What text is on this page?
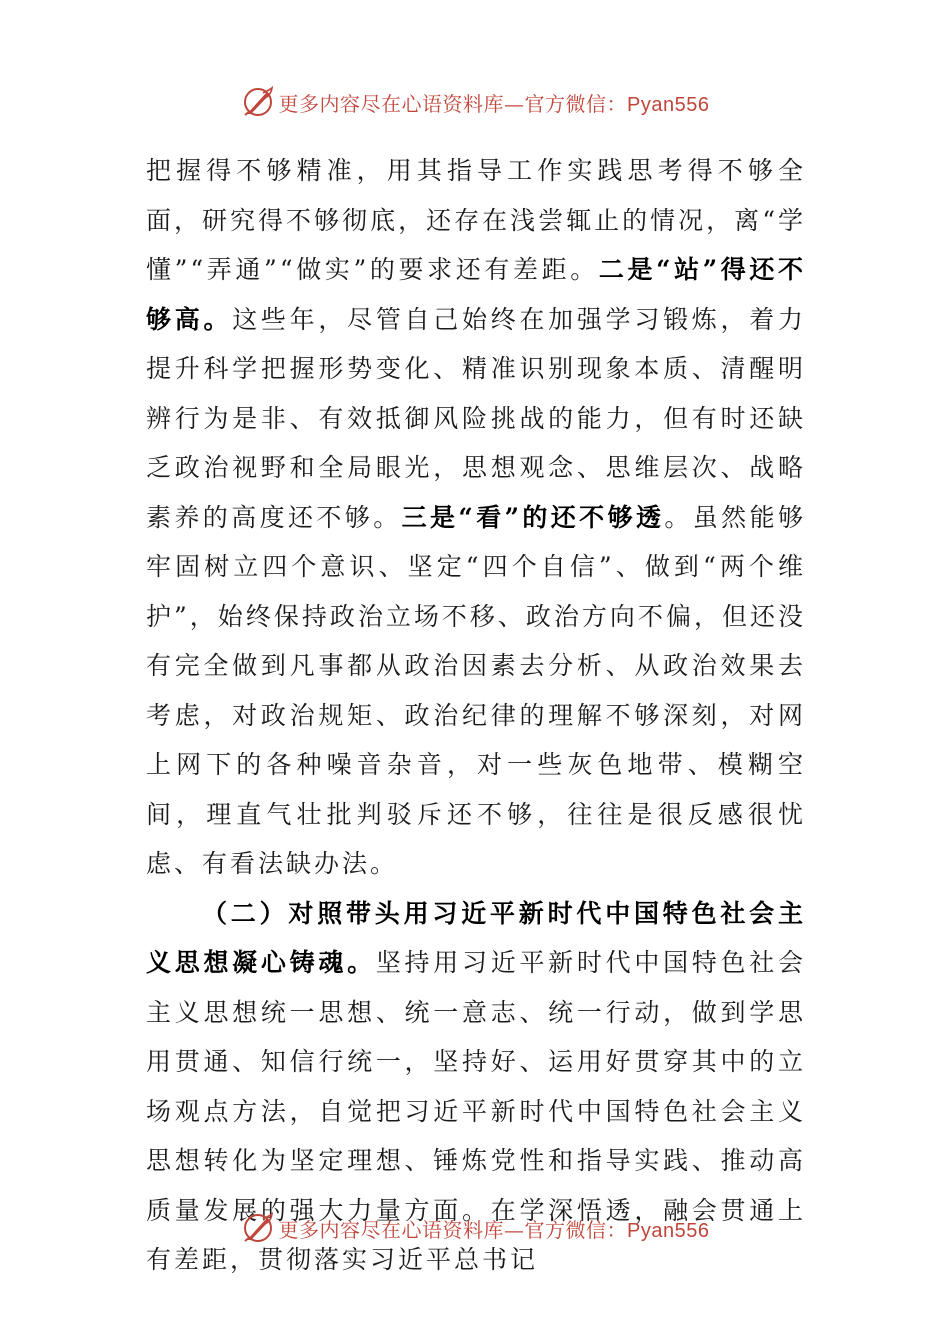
更多内容尽在心语资料库—官方微信：Pyan556

把握得不够精准，用其指导工作实践思考得不够全面，研究得不够彻底，还存在浅尝辄止的情况，离“学懂”“弄通”“做实”的要求还有差距。二是“站”得还不够高。这些年，尽管自己始终在加强学习锻炼，着力提升科学把握形势变化、精准识别现象本质、清醒明辨行为是非、有效抵御风险挑战的能力，但有时还缺乏政治视野和全局眼光，思想观念、思维层次、战略素养的高度还不够。三是“看”的还不够透。虽然能够牢固树立四个意识、坚定“四个自信”、做到“两个维护”，始终保持政治立场不移、政治方向不偏，但还没有完全做到凡事都从政治因素去分析、从政治效果去考虑，对政治规矩、政治纪律的理解不够深刻，对网上网下的各种噪音杂音，对一些灰色地带、模糊空间，理直气壮批判驳斥还不够，往往是很反感很忧虑、有看法缺办法。

（二）对照带头用习近平新时代中国特色社会主义思想凝心铸魂。坚持用习近平新时代中国特色社会主义思想统一思想、统一意志、统一行动，做到学思用贯通、知信行统一，坚持好、运用好贯穿其中的立场观点方法，自觉把习近平新时代中国特色社会主义思想转化为坚定理想、锤炼党性和指导实践、推动高质量发展的强大力量方面。在学深悟透，融会贯通上有差距，贯彻落实习近平总书记

更多内容尽在心语资料库—官方微信：Pyan556
